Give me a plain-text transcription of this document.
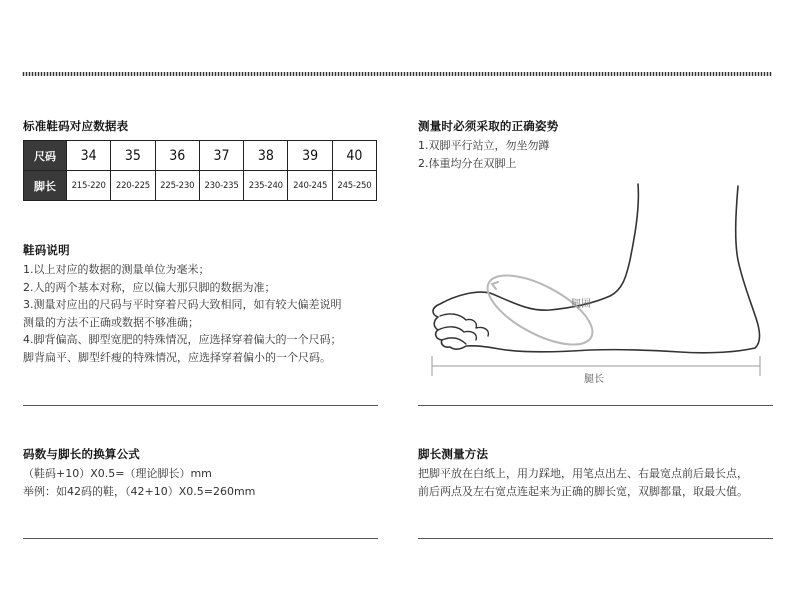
标准鞋码对应数据表
尺码	34	35	36	37	38	39	40
脚长	215-220	220-225	225-230	230-235	235-240	240-245	245-250
鞋码说明
1.以上对应的数据的测量单位为毫米；
2.人的两个基本对称，应以偏大那只脚的数据为准；
3.测量对应出的尺码与平时穿着尺码大致相同，如有较大偏差说明
测量的方法不正确或数据不够准确；
4.脚背偏高、脚型宽肥的特殊情况，应选择穿着偏大的一个尺码；
脚背扁平、脚型纤瘦的特殊情况，应选择穿着偏小的一个尺码。
码数与脚长的换算公式
（鞋码+10）X0.5=（理论脚长）mm
举例：如42码的鞋，（42+10）X0.5=260mm
测量时必须采取的正确姿势
1.双脚平行站立，勿坐勿蹲
2.体重均分在双脚上
腿围
腿长
脚长测量方法
把脚平放在白纸上，用力踩地，用笔点出左、右最宽点前后最长点，
前后两点及左右宽点连起来为正确的脚长宽，双脚都量，取最大值。
